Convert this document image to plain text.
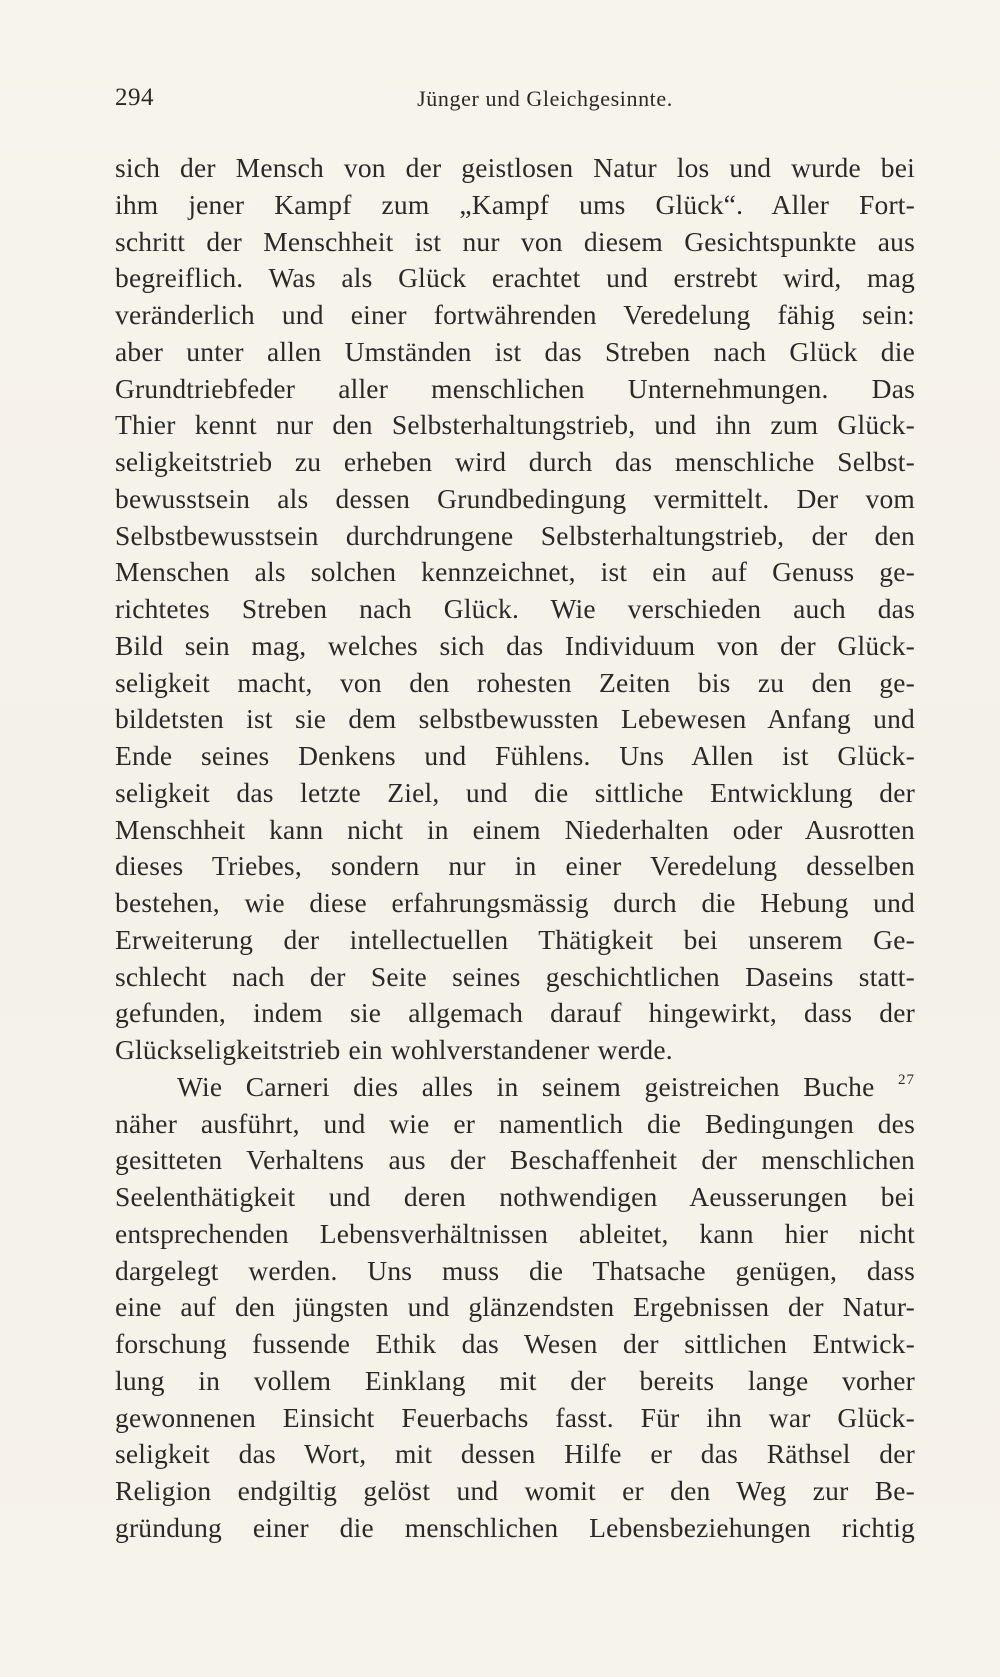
294	Jünger und Gleichgesinnte.
sich der Mensch von der geistlosen Natur los und wurde bei
ihm jener Kampf zum „Kampf ums Glück“. Aller Fort-
schritt der Menschheit ist nur von diesem Gesichtspunkte aus
begreiflich. Was als Glück erachtet und erstrebt wird, mag
veränderlich und einer fortwährenden Veredelung fähig sein:
aber unter allen Umständen ist das Streben nach Glück die
Grundtriebfeder aller menschlichen Unternehmungen. Das
Thier kennt nur den Selbsterhaltungstrieb, und ihn zum Glück-
seligkeitstrieb zu erheben wird durch das menschliche Selbst-
bewusstsein als dessen Grundbedingung vermittelt. Der vom
Selbstbewusstsein durchdrungene Selbsterhaltungstrieb, der den
Menschen als solchen kennzeichnet, ist ein auf Genuss ge-
richtetes Streben nach Glück. Wie verschieden auch das
Bild sein mag, welches sich das Individuum von der Glück-
seligkeit macht, von den rohesten Zeiten bis zu den ge-
bildetsten ist sie dem selbstbewussten Lebewesen Anfang und
Ende seines Denkens und Fühlens. Uns Allen ist Glück-
seligkeit das letzte Ziel, und die sittliche Entwicklung der
Menschheit kann nicht in einem Niederhalten oder Ausrotten
dieses Triebes, sondern nur in einer Veredelung desselben
bestehen, wie diese erfahrungsmässig durch die Hebung und
Erweiterung der intellectuellen Thätigkeit bei unserem Ge-
schlecht nach der Seite seines geschichtlichen Daseins statt-
gefunden, indem sie allgemach darauf hingewirkt, dass der
Glückseligkeitstrieb ein wohlverstandener werde.
Wie Carneri dies alles in seinem geistreichen Buche $^{27}$
näher ausführt, und wie er namentlich die Bedingungen des
gesitteten Verhaltens aus der Beschaffenheit der menschlichen
Seelenthätigkeit und deren nothwendigen Aeusserungen bei
entsprechenden Lebensverhältnissen ableitet, kann hier nicht
dargelegt werden. Uns muss die Thatsache genügen, dass
eine auf den jüngsten und glänzendsten Ergebnissen der Natur-
forschung fussende Ethik das Wesen der sittlichen Entwick-
lung in vollem Einklang mit der bereits lange vorher
gewonnenen Einsicht Feuerbachs fasst. Für ihn war Glück-
seligkeit das Wort, mit dessen Hilfe er das Räthsel der
Religion endgiltig gelöst und womit er den Weg zur Be-
gründung einer die menschlichen Lebensbeziehungen richtig
